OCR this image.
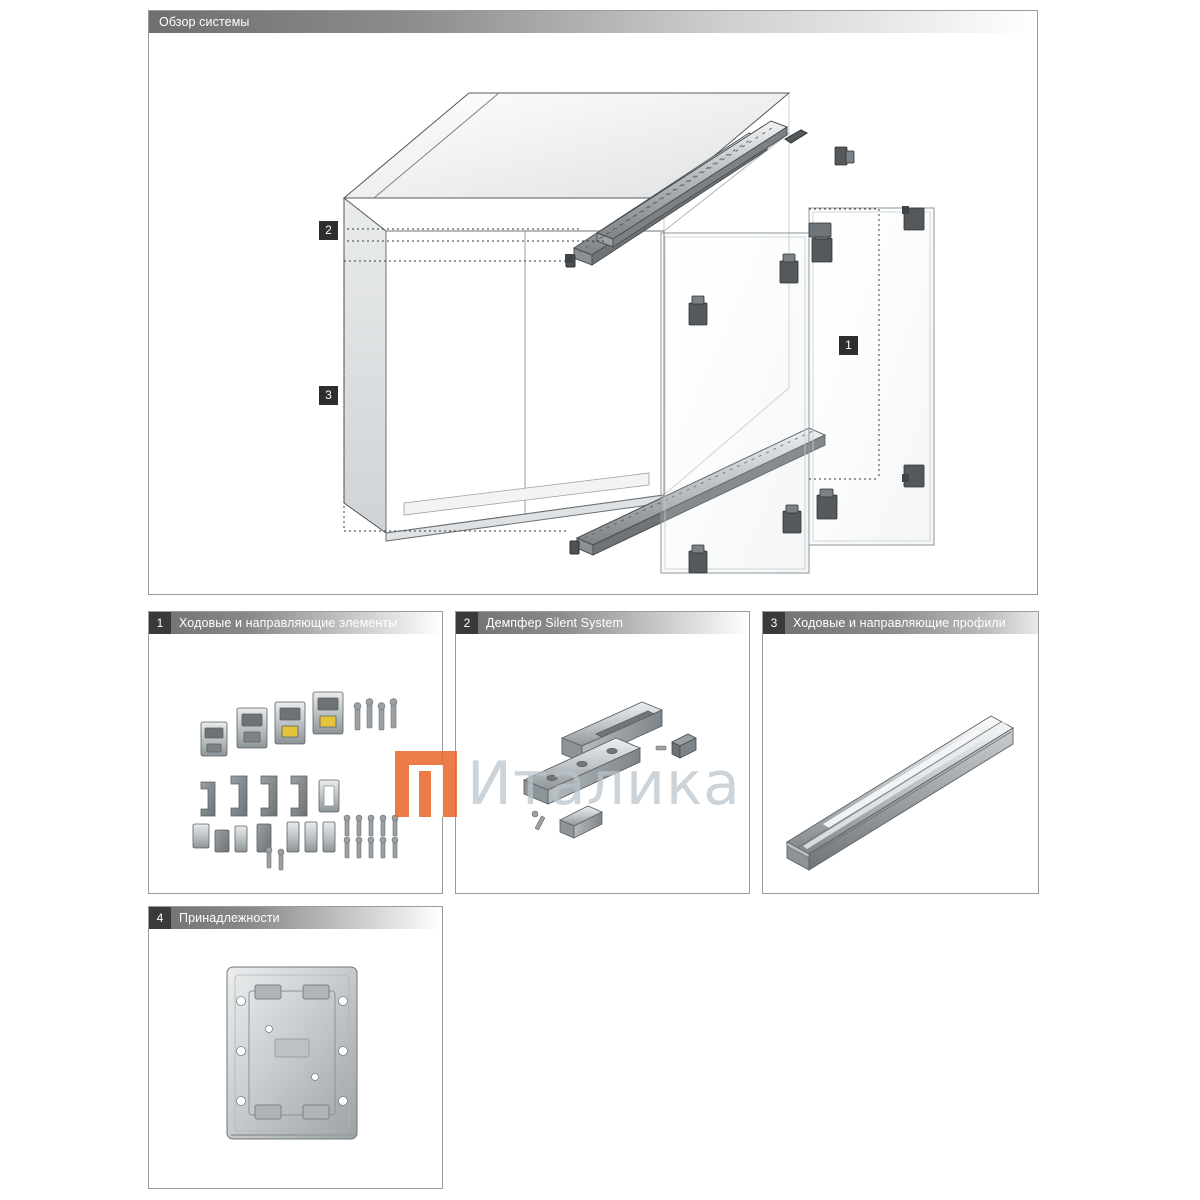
Обзор системы
2
3
1
1	Ходовые и направляющие элементы	2	Демпфер Silent System	3	Ходовые и направляющие профили
4	Принадлежности
Италика
